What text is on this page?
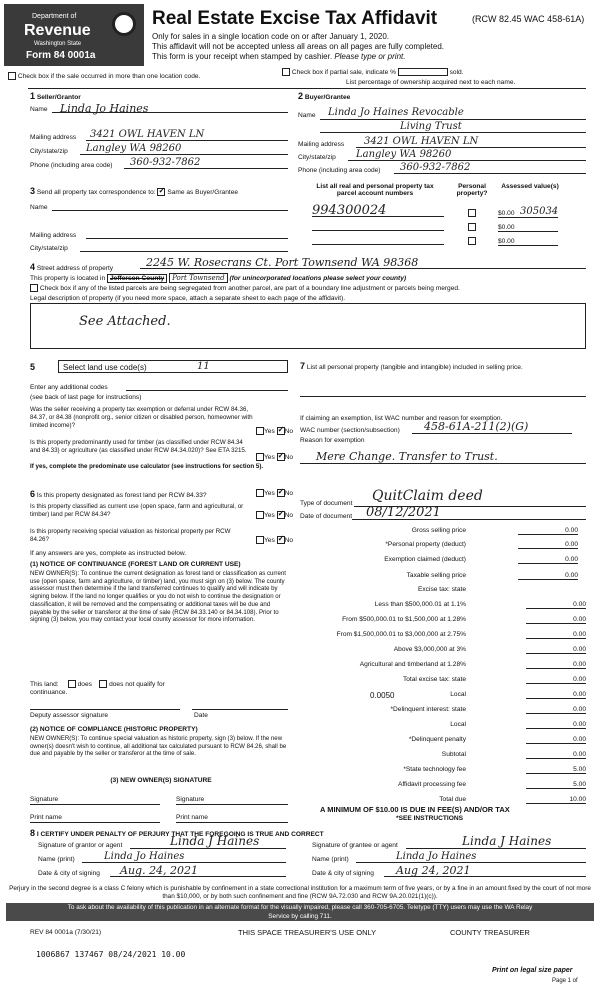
Department of
Revenue
Washington State
Form 84 0001a
Real Estate Excise Tax Affidavit	(RCW 82.45 WAC 458-61A)
Only for sales in a single location code on or after January 1, 2020.
This affidavit will not be accepted unless all areas on all pages are fully completed.
This form is your receipt when stamped by cashier. Please type or print.
Check box if the sale occurred in more than one location code.
Check box if partial sale, indicate %	sold.
List percentage of ownership acquired next to each name.
1 Seller/Grantor
Name Linda Jo Haines
Mailing address 3421 OWL HAVEN LN
City/state/zip Langley WA 98260
Phone (including area code) 360-932-7862
2 Buyer/Grantee
Name Linda Jo Haines Revocable
Living Trust
Mailing address 3421 OWL HAVEN LN
City/state/zip Langley WA 98260
Phone (including area code) 360-932-7862
3 Send all property tax correspondence to: ✓ Same as Buyer/Grantee
Name
Mailing address
City/state/zip
List all real and personal property tax parcel account numbers
Personal property?
Assessed value(s)
994300024	$0.00 305034
$0.00
$0.00
4 Street address of property	2245 W. Rosecrans Ct. Port Townsend WA 98368
This property is located in Jefferson County Port Townsend (for unincorporated locations please select your county)
Check box if any of the listed parcels are being segregated from another parcel, are part of a boundary line adjustment or parcels being merged.
Legal description of property (if you need more space, attach a separate sheet to each page of the affidavit).
See Attached.
5	Select land use code(s)	11
Enter any additional codes
(see back of last page for instructions)
Was the seller receiving a property tax exemption or deferral under RCW 84.36, 84.37, or 84.38 (nonprofit org., senior citizen or disabled person, homeowner with limited income)?
Yes ✓ No
Is this property predominantly used for timber (as classified under RCW 84.34 and 84.33) or agriculture (as classified under RCW 84.34.020)? See ETA 3215.
Yes ✓ No
If yes, complete the predominate use calculator (see instructions for section 5).
6 Is this property designated as forest land per RCW 84.33?	Yes ✓ No
Is this property classified as current use (open space, farm and agricultural, or timber) land per RCW 84.34?	Yes ✓ No
Is this property receiving special valuation as historical property per RCW 84.26?	Yes ✓ No
If any answers are yes, complete as instructed below.
(1) NOTICE OF CONTINUANCE (FOREST LAND OR CURRENT USE)
NEW OWNER(S): To continue the current designation as forest land or classification as current use (open space, farm and agriculture, or timber) land, you must sign on (3) below. The county assessor must then determine if the land transferred continues to qualify and will indicate by signing below. If the land no longer qualifies or you do not wish to continue the designation or classification, it will be removed and the compensating or additional taxes will be due and payable by the seller or transferor at the time of sale (RCW 84.33.140 or 84.34.108). Prior to signing (3) below, you may contact your local county assessor for more information.
This land:	does	does not qualify for
continuance.
Deputy assessor signature	Date
(2) NOTICE OF COMPLIANCE (HISTORIC PROPERTY)
NEW OWNER(S): To continue special valuation as historic property, sign (3) below. If the new owner(s) doesn't wish to continue, all additional tax calculated pursuant to RCW 84.26, shall be due and payable by the seller or transferor at the time of sale.
(3) NEW OWNER(S) SIGNATURE
Signature	Signature
Print name	Print name
7 List all personal property (tangible and intangible) included in selling price.
If claiming an exemption, list WAC number and reason for exemption.
WAC number (section/subsection) 458-61A-211(2)(G)
Reason for exemption
Mere Change. Transfer to Trust.
Type of document QuitClaim deed
Date of document 08/12/2021
Gross selling price	0.00
*Personal property (deduct)	0.00
Exemption claimed (deduct)	0.00
Taxable selling price	0.00
Excise tax: state
Less than $500,000.01 at 1.1%	0.00
From $500,000.01 to $1,500,000 at 1.28%	0.00
From $1,500,000.01 to $3,000,000 at 2.75%	0.00
Above $3,000,000 at 3%	0.00
Agricultural and timberland at 1.28%	0.00
Total excise tax: state	0.00
0.0050	Local	0.00
*Delinquent interest: state	0.00
Local	0.00
*Delinquent penalty	0.00
Subtotal	0.00
*State technology fee	5.00
Affidavit processing fee	5.00
Total due	10.00
A MINIMUM OF $10.00 IS DUE IN FEE(S) AND/OR TAX
*SEE INSTRUCTIONS
8 I CERTIFY UNDER PENALTY OF PERJURY THAT THE FOREGOING IS TRUE AND CORRECT
Signature of grantor or agent	Linda J Haines
Name (print)	Linda Jo Haines
Date & city of signing Aug. 24, 2021
Signature of grantee or agent	Linda J Haines
Name (print)	Linda Jo Haines
Date & city of signing Aug 24, 2021
Perjury in the second degree is a class C felony which is punishable by confinement in a state correctional institution for a maximum term of five years, or by a fine in an amount fixed by the court of not more than $10,000, or by both such confinement and fine (RCW 9A.72.030 and RCW 9A.20.021(1)(c)).
To ask about the availability of this publication in an alternate format for the visually impaired, please call 360-705-6705. Teletype (TTY) users may use the WA Relay Service by calling 711.
REV 84 0001a (7/30/21)	THIS SPACE TREASURER'S USE ONLY	COUNTY TREASURER
1006867 137467 08/24/2021 10.00
Print on legal size paper
Page 1 of
